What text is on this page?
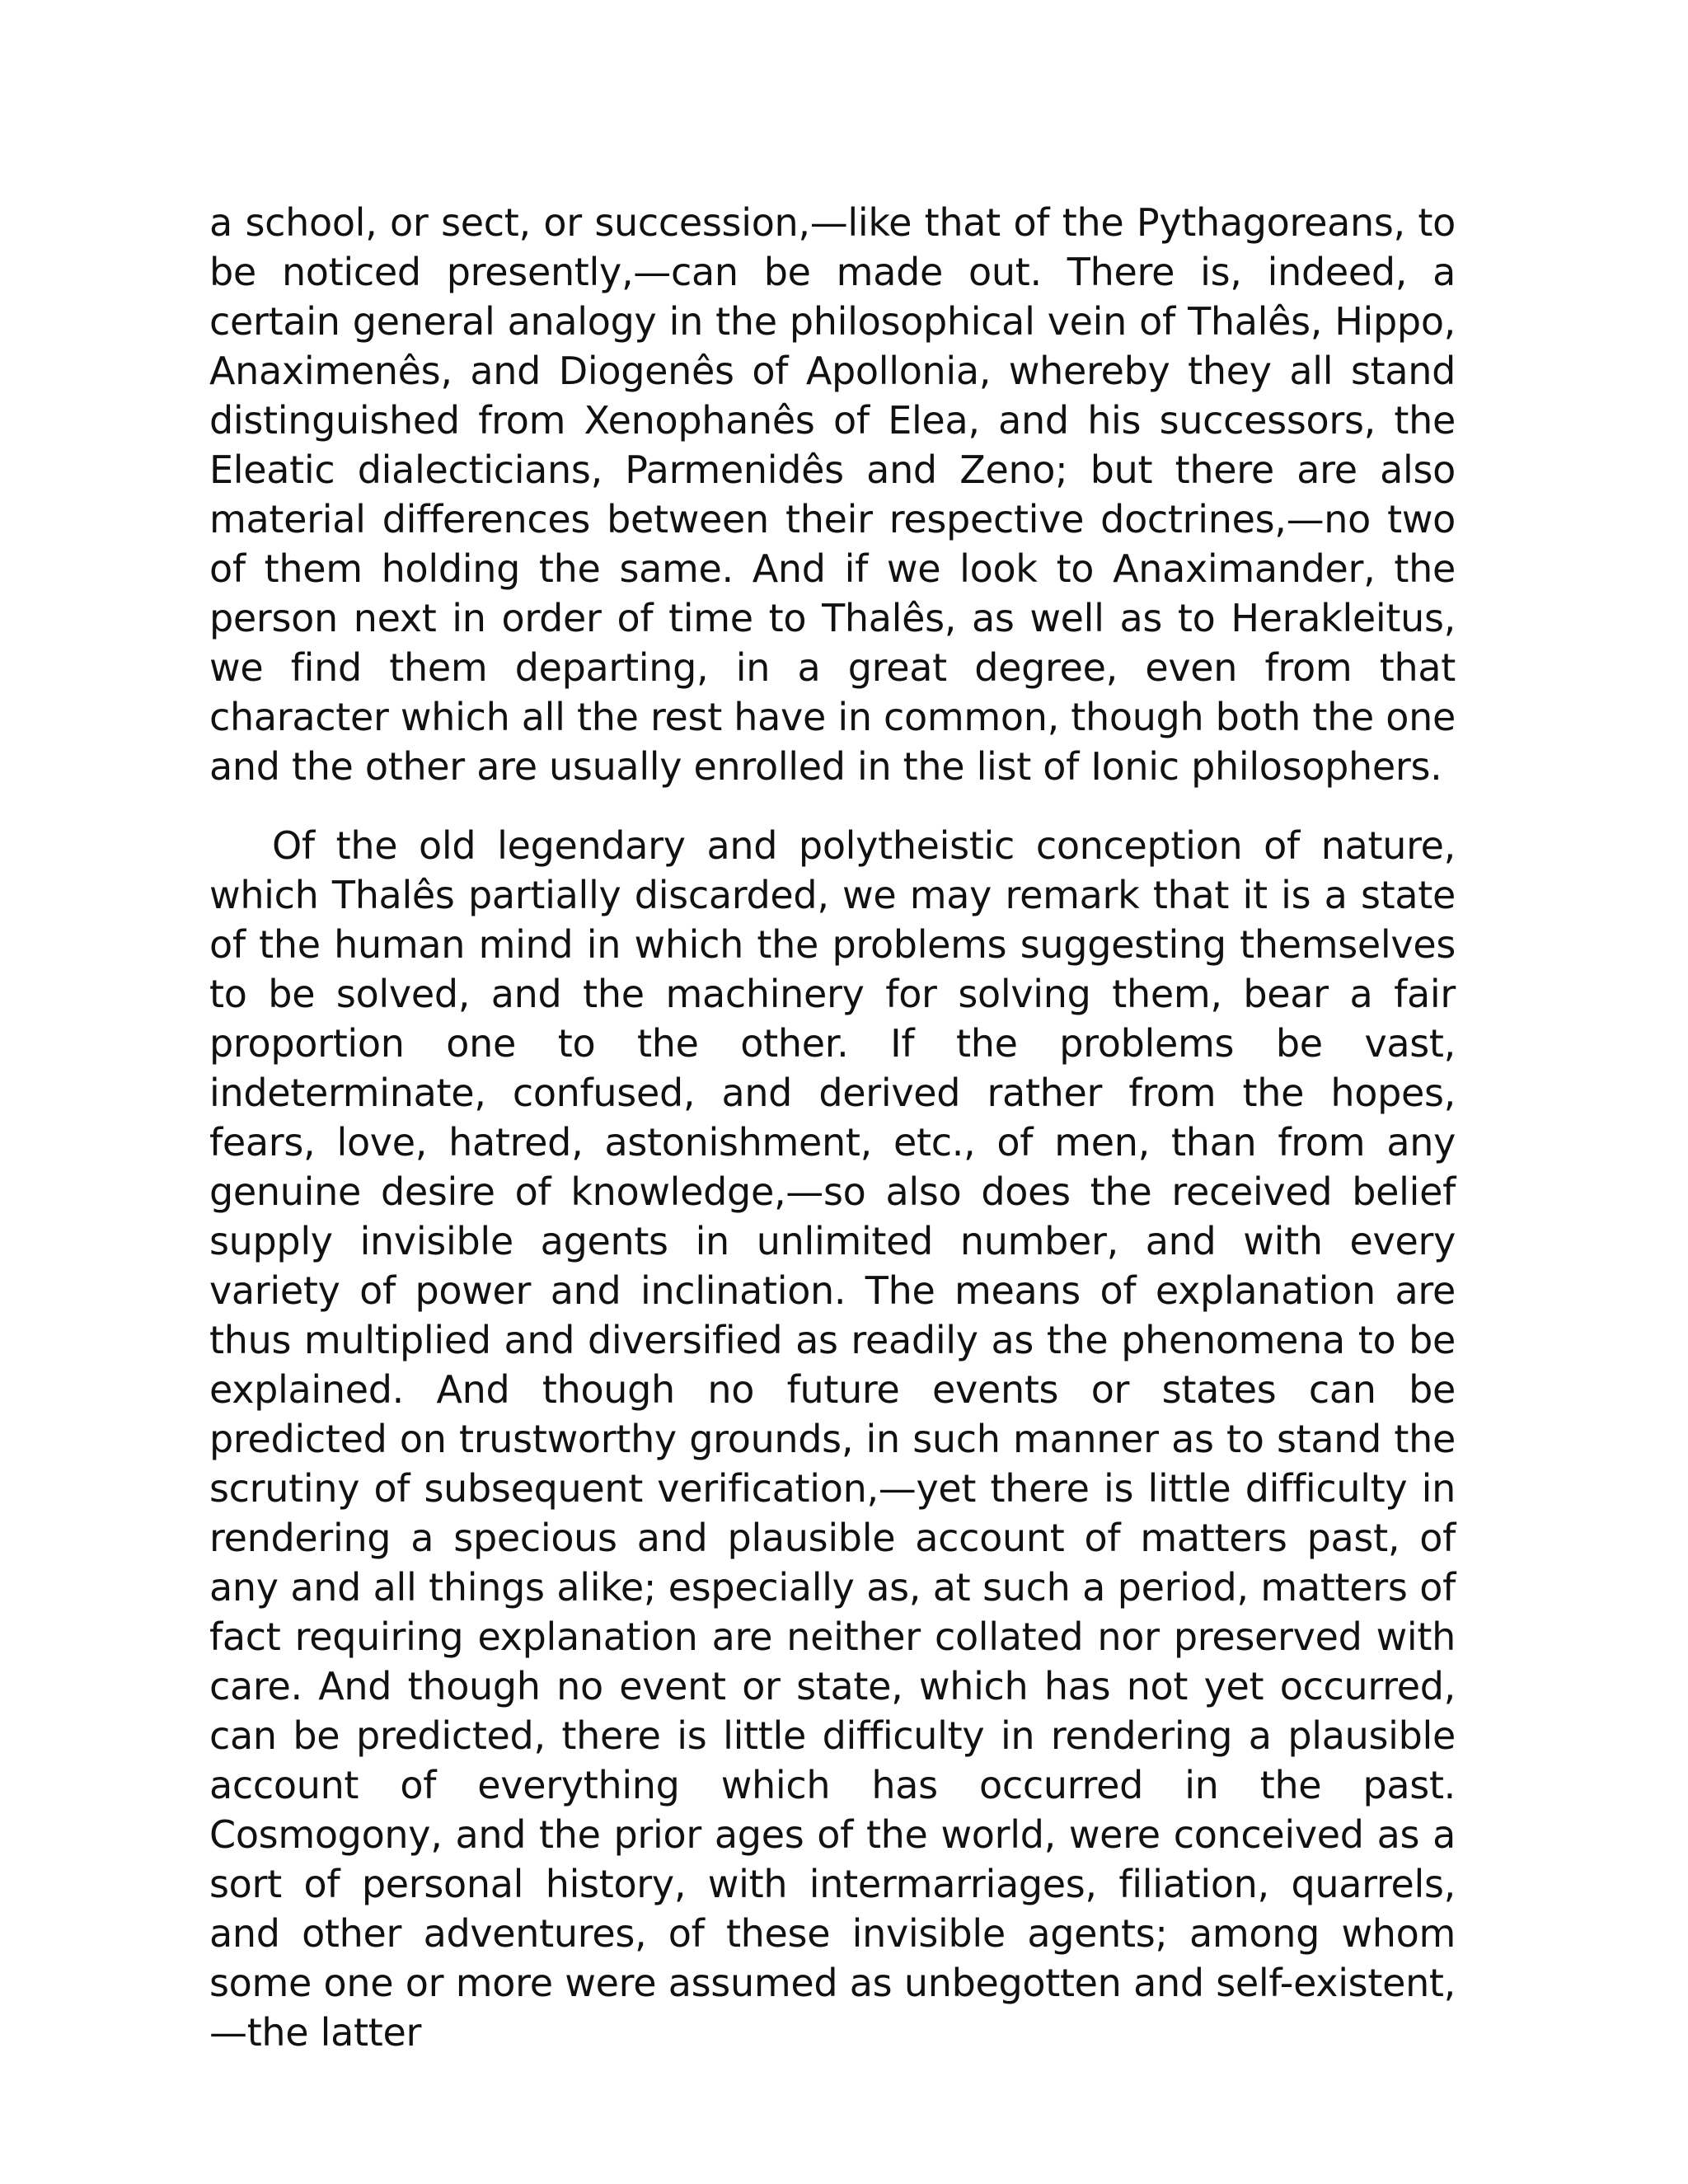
a school, or sect, or succession,—like that of the Pythagoreans, to be noticed presently,—can be made out. There is, indeed, a certain general analogy in the philosophical vein of Thalês, Hippo, Anaximenês, and Diogenês of Apollonia, whereby they all stand distinguished from Xenophanês of Elea, and his successors, the Eleatic dialecticians, Parmenidês and Zeno; but there are also material differences between their respective doctrines,—no two of them holding the same. And if we look to Anaximander, the person next in order of time to Thalês, as well as to Herakleitus, we find them departing, in a great degree, even from that character which all the rest have in common, though both the one and the other are usually enrolled in the list of Ionic philosophers.

Of the old legendary and polytheistic conception of nature, which Thalês partially discarded, we may remark that it is a state of the human mind in which the problems suggesting themselves to be solved, and the machinery for solving them, bear a fair proportion one to the other. If the problems be vast, indeterminate, confused, and derived rather from the hopes, fears, love, hatred, astonishment, etc., of men, than from any genuine desire of knowledge,—so also does the received belief supply invisible agents in unlimited number, and with every variety of power and inclination. The means of explanation are thus multiplied and diversified as readily as the phenomena to be explained. And though no future events or states can be predicted on trustworthy grounds, in such manner as to stand the scrutiny of subsequent verification,—yet there is little difficulty in rendering a specious and plausible account of matters past, of any and all things alike; especially as, at such a period, matters of fact requiring explanation are neither collated nor preserved with care. And though no event or state, which has not yet occurred, can be predicted, there is little difficulty in rendering a plausible account of everything which has occurred in the past. Cosmogony, and the prior ages of the world, were conceived as a sort of personal history, with intermarriages, filiation, quarrels, and other adventures, of these invisible agents; among whom some one or more were assumed as unbegotten and self-existent,—the latter
